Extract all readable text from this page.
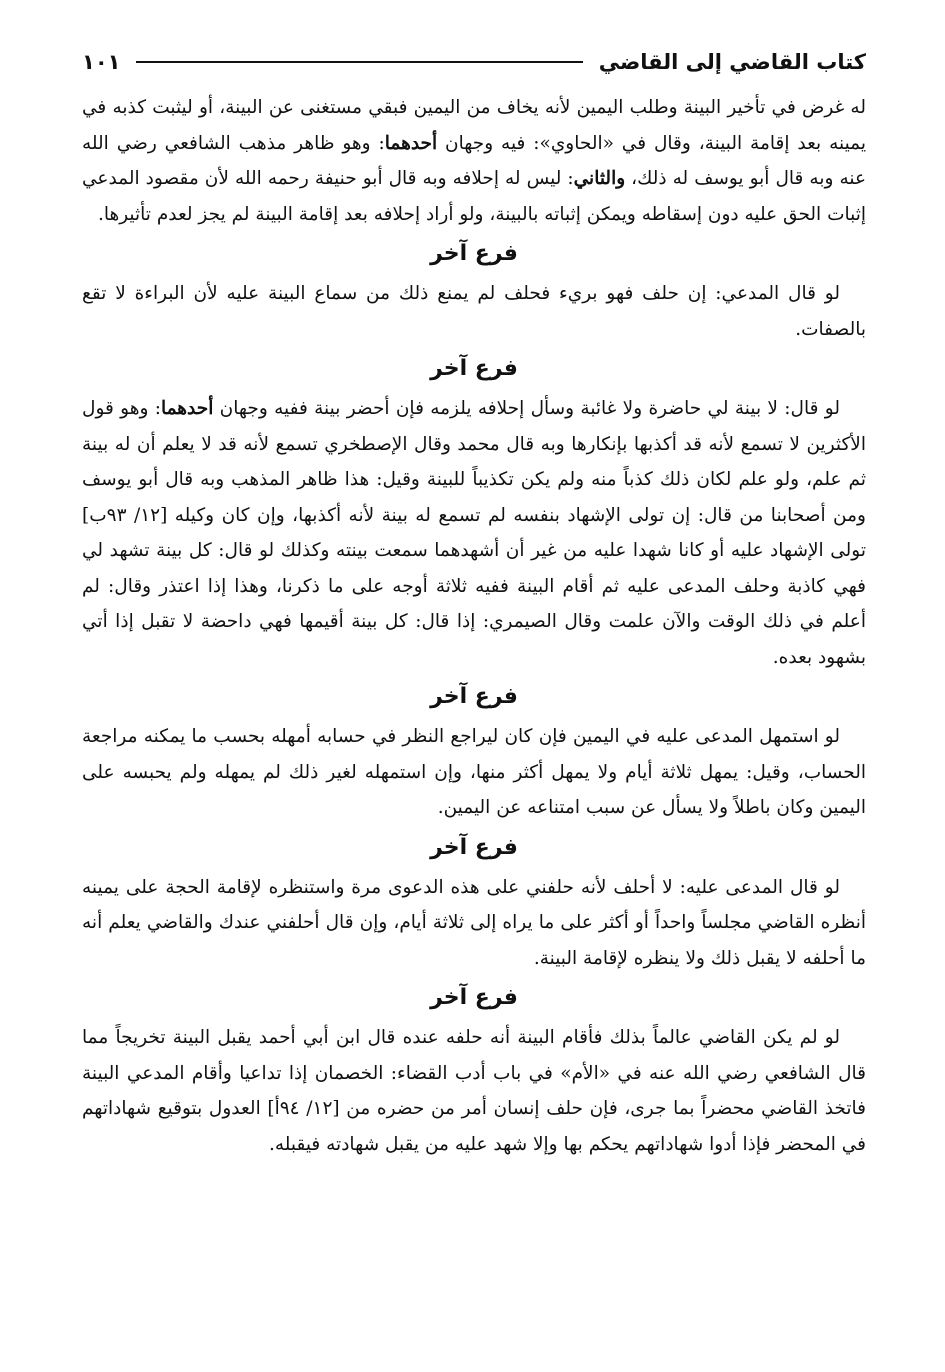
كتاب القاضي إلى القاضي
١٠١

له غرض في تأخير البينة وطلب اليمين لأنه يخاف من اليمين فبقي مستغنى عن البينة، أو ليثبت كذبه في يمينه بعد إقامة البينة، وقال في «الحاوي»: فيه وجهان أحدهما: وهو ظاهر مذهب الشافعي رضي الله عنه وبه قال أبو يوسف له ذلك، والثاني: ليس له إحلافه وبه قال أبو حنيفة رحمه الله لأن مقصود المدعي إثبات الحق عليه دون إسقاطه ويمكن إثباته بالبينة، ولو أراد إحلافه بعد إقامة البينة لم يجز لعدم تأثيرها.

فرع آخر

لو قال المدعي: إن حلف فهو بريء فحلف لم يمنع ذلك من سماع البينة عليه لأن البراءة لا تقع بالصفات.

فرع آخر

لو قال: لا بينة لي حاضرة ولا غائبة وسأل إحلافه يلزمه فإن أحضر بينة ففيه وجهان أحدهما: وهو قول الأكثرين لا تسمع لأنه قد أكذبها بإنكارها وبه قال محمد وقال الإصطخري تسمع لأنه قد لا يعلم أن له بينة ثم علم، ولو علم لكان ذلك كذباً منه ولم يكن تكذيباً للبينة وقيل: هذا ظاهر المذهب وبه قال أبو يوسف ومن أصحابنا من قال: إن تولى الإشهاد بنفسه لم تسمع له بينة لأنه أكذبها، وإن كان وكيله [١٢/ ٩٣ب] تولى الإشهاد عليه أو كانا شهدا عليه من غير أن أشهدهما سمعت بينته وكذلك لو قال: كل بينة تشهد لي فهي كاذبة وحلف المدعى عليه ثم أقام البينة ففيه ثلاثة أوجه على ما ذكرنا، وهذا إذا اعتذر وقال: لم أعلم في ذلك الوقت والآن علمت وقال الصيمري: إذا قال: كل بينة أقيمها فهي داحضة لا تقبل إذا أتي بشهود بعده.

فرع آخر

لو استمهل المدعى عليه في اليمين فإن كان ليراجع النظر في حسابه أمهله بحسب ما يمكنه مراجعة الحساب، وقيل: يمهل ثلاثة أيام ولا يمهل أكثر منها، وإن استمهله لغير ذلك لم يمهله ولم يحبسه على اليمين وكان باطلاً ولا يسأل عن سبب امتناعه عن اليمين.

فرع آخر

لو قال المدعى عليه: لا أحلف لأنه حلفني على هذه الدعوى مرة واستنظره لإقامة الحجة على يمينه أنظره القاضي مجلساً واحداً أو أكثر على ما يراه إلى ثلاثة أيام، وإن قال أحلفني عندك والقاضي يعلم أنه ما أحلفه لا يقبل ذلك ولا ينظره لإقامة البينة.

فرع آخر

لو لم يكن القاضي عالماً بذلك فأقام البينة أنه حلفه عنده قال ابن أبي أحمد يقبل البينة تخريجاً مما قال الشافعي رضي الله عنه في «الأم» في باب أدب القضاء: الخصمان إذا تداعيا وأقام المدعي البينة فاتخذ القاضي محضراً بما جرى، فإن حلف إنسان أمر من حضره من [١٢/ ٩٤أ] العدول بتوقيع شهاداتهم في المحضر فإذا أدوا شهاداتهم يحكم بها وإلا شهد عليه من يقبل شهادته فيقبله.
